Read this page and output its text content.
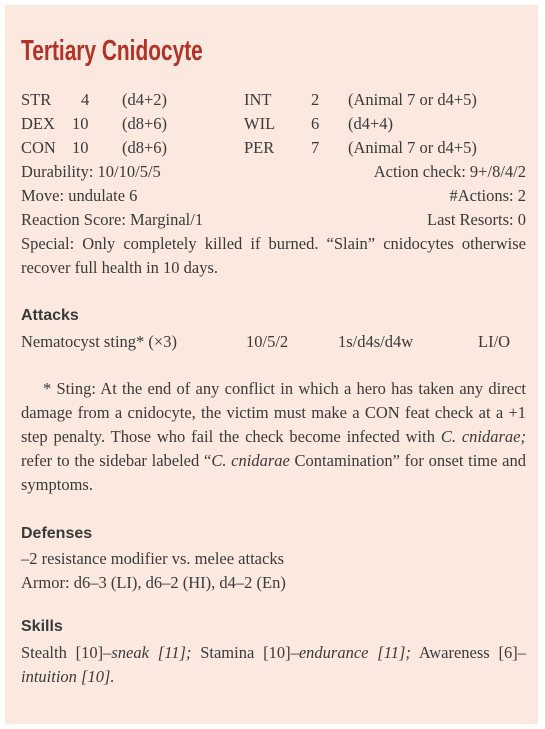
Tertiary Cnidocyte
STR 4 (d4+2)	INT 2 (Animal 7 or d4+5)
DEX 10 (d8+6)	WIL 6 (d4+4)
CON 10 (d8+6)	PER 7 (Animal 7 or d4+5)
Durability: 10/10/5/5	Action check: 9+/8/4/2
Move: undulate 6	#Actions: 2
Reaction Score: Marginal/1	Last Resorts: 0
Special: Only completely killed if burned. “Slain” cnidocytes otherwise recover full health in 10 days.
Attacks
Nematocyst sting* (×3)	10/5/2	1s/d4s/d4w	LI/O
* Sting: At the end of any conflict in which a hero has taken any direct damage from a cnidocyte, the victim must make a CON feat check at a +1 step penalty. Those who fail the check become infected with C. cnidarae; refer to the sidebar labeled “C. cnidarae Contamination” for onset time and symptoms.
Defenses
–2 resistance modifier vs. melee attacks
Armor: d6–3 (LI), d6–2 (HI), d4–2 (En)
Skills
Stealth [10]–sneak [11]; Stamina [10]–endurance [11]; Awareness [6]–intuition [10].
